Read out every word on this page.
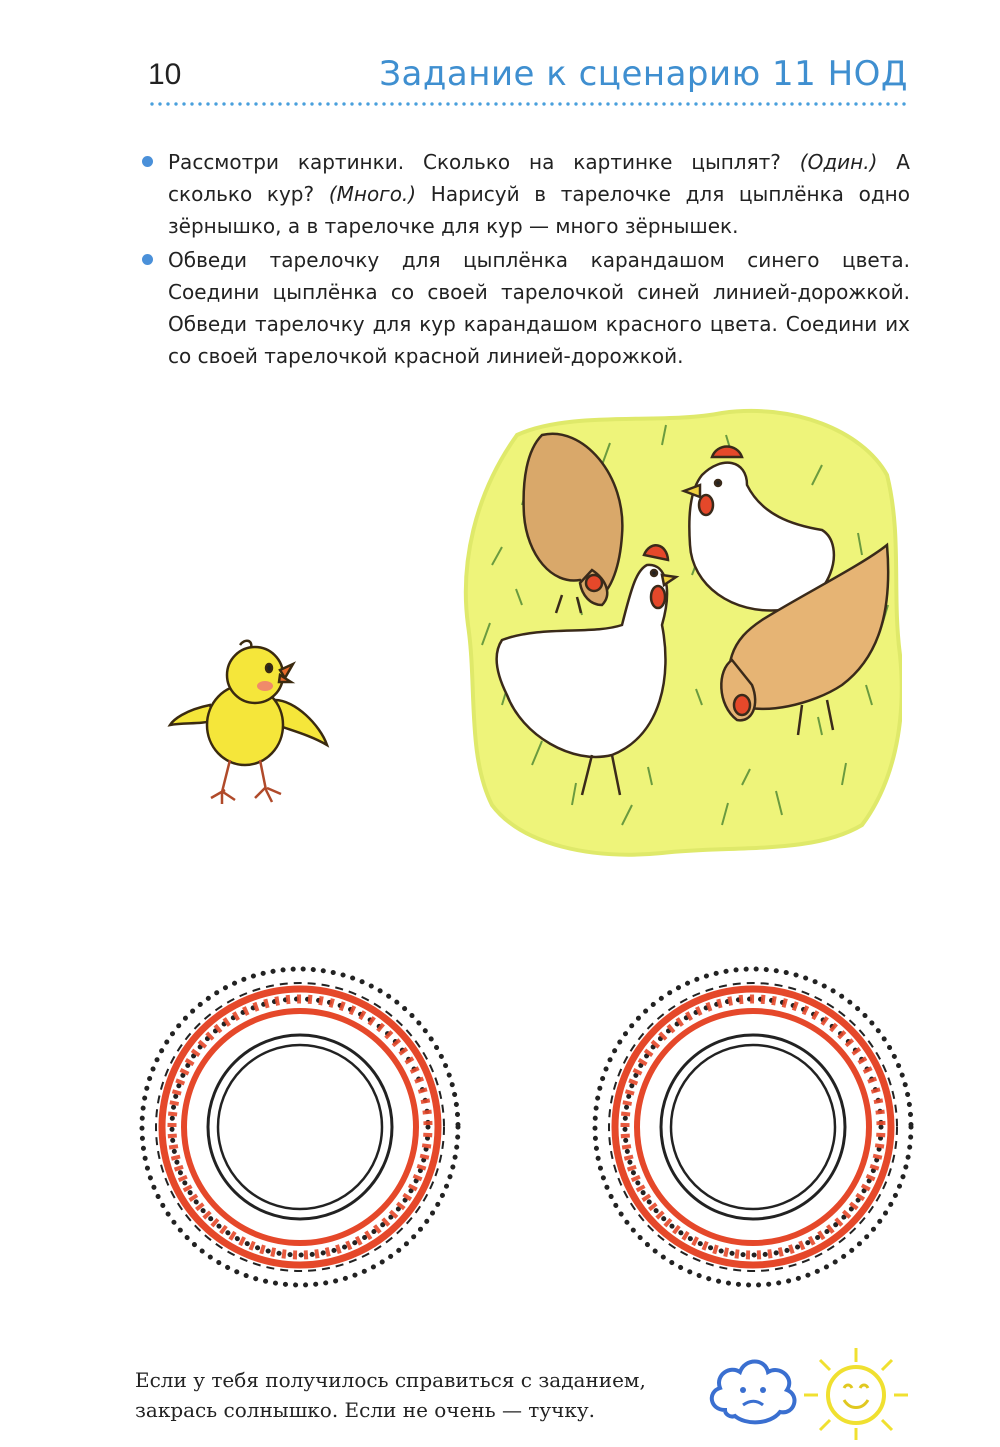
10	Задание к сценарию 11 НОД
Рассмотри картинки. Сколько на картинке цыплят? (Один.) А сколько кур? (Много.) Нарисуй в тарелочке для цыплёнка одно зёрнышко, а в тарелочке для кур — много зёрнышек.
Обведи тарелочку для цыплёнка карандашом синего цвета. Соедини цыплёнка со своей тарелочкой синей линией-дорожкой. Обведи тарелочку для кур карандашом красного цвета. Соедини их со своей тарелочкой красной линией-дорожкой.
Если у тебя получилось справиться с заданием,
закрась солнышко. Если не очень — тучку.
